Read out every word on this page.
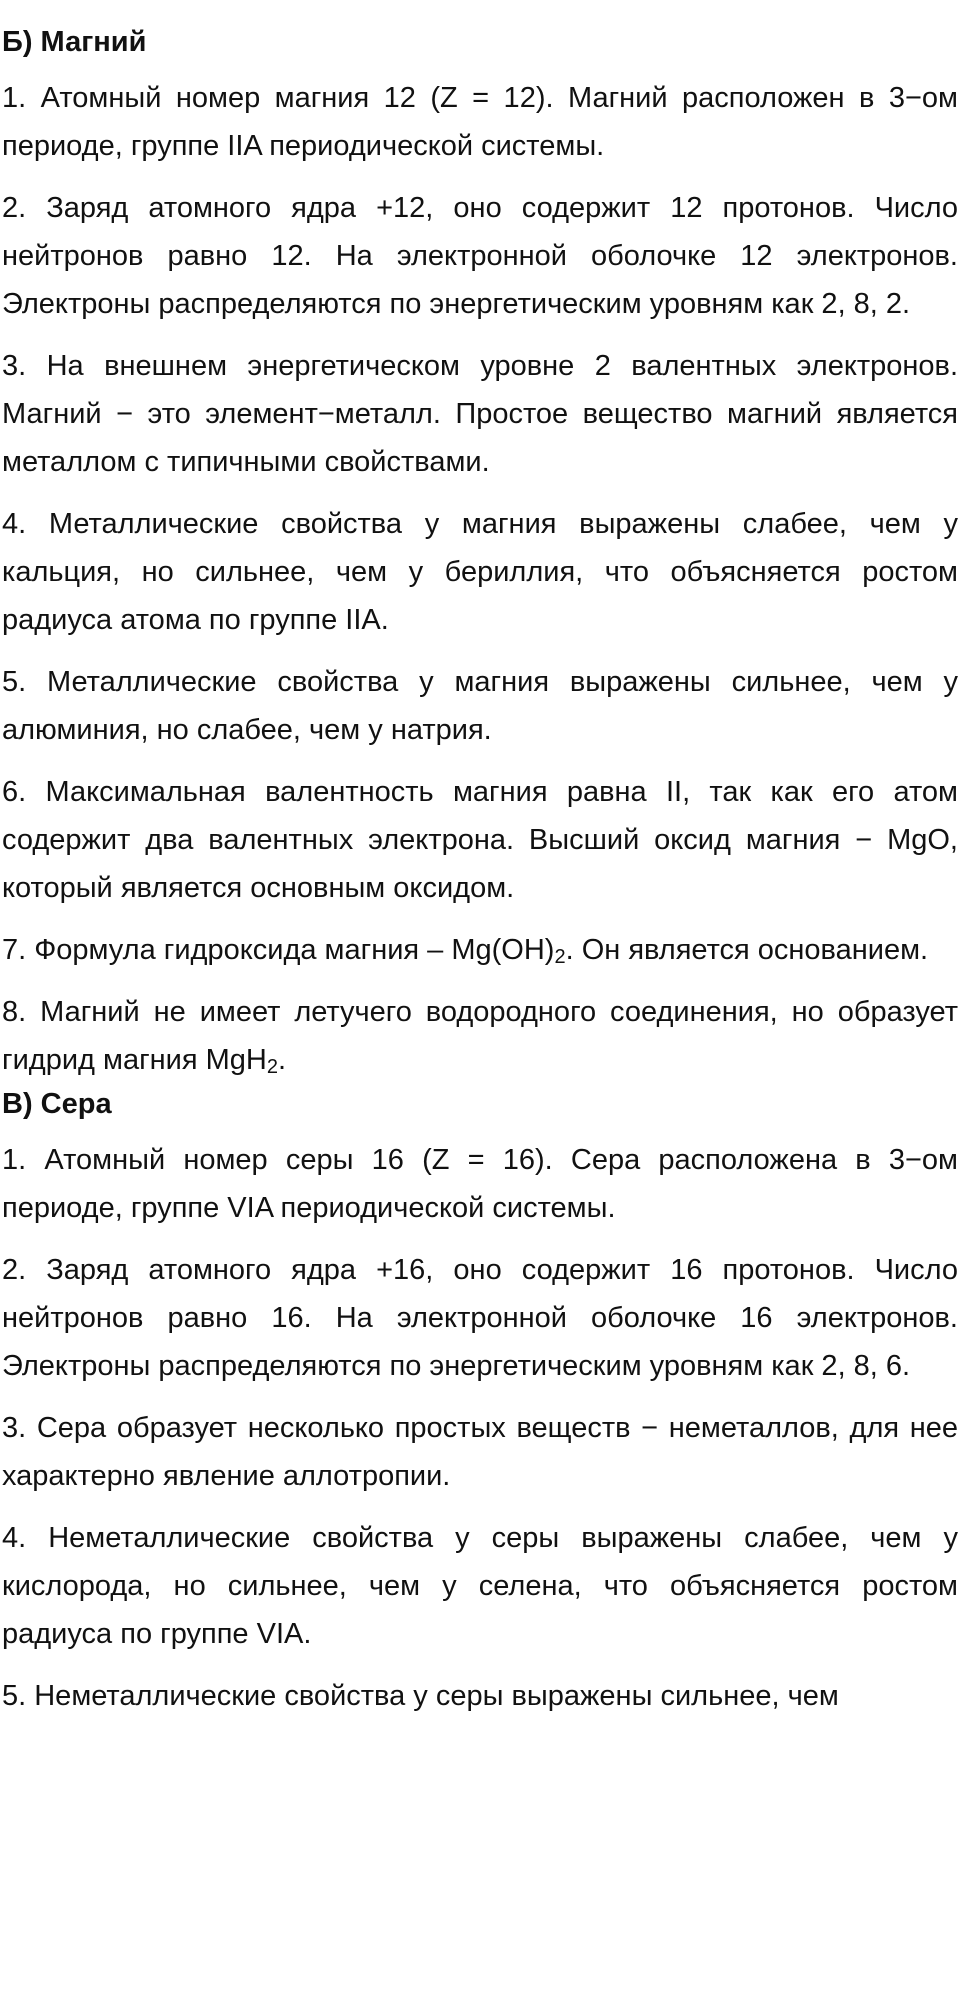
Б) Магний

1. Атомный номер магния 12 (Z = 12). Магний расположен в 3−ом периоде, группе IIA периодической системы.

2. Заряд атомного ядра +12, оно содержит 12 протонов. Число нейтронов равно 12. На электронной оболочке 12 электронов. Электроны распределяются по энергетическим уровням как 2, 8, 2.

3. На внешнем энергетическом уровне 2 валентных электронов. Магний − это элемент−металл. Простое вещество магний является металлом с типичными свойствами.

4. Металлические свойства у магния выражены слабее, чем у кальция, но сильнее, чем у бериллия, что объясняется ростом радиуса атома по группе IIA.

5. Металлические свойства у магния выражены сильнее, чем у алюминия, но слабее, чем у натрия.

6. Максимальная валентность магния равна II, так как его атом содержит два валентных электрона. Высший оксид магния − MgO, который является основным оксидом.

7. Формула гидроксида магния – $Mg(OH)_2$. Он является основанием.

8. Магний не имеет летучего водородного соединения, но образует гидрид магния MgH$_2$.

В) Сера

1. Атомный номер серы 16 (Z = 16). Сера расположена в 3−ом периоде, группе VIA периодической системы.

2. Заряд атомного ядра +16, оно содержит 16 протонов. Число нейтронов равно 16. На электронной оболочке 16 электронов. Электроны распределяются по энергетическим уровням как 2, 8, 6.

3. Сера образует несколько простых веществ − неметаллов, для нее характерно явление аллотропии.

4. Неметаллические свойства у серы выражены слабее, чем у кислорода, но сильнее, чем у селена, что объясняется ростом радиуса по группе VIA.

5. Неметаллические свойства у серы выражены сильнее, чем
